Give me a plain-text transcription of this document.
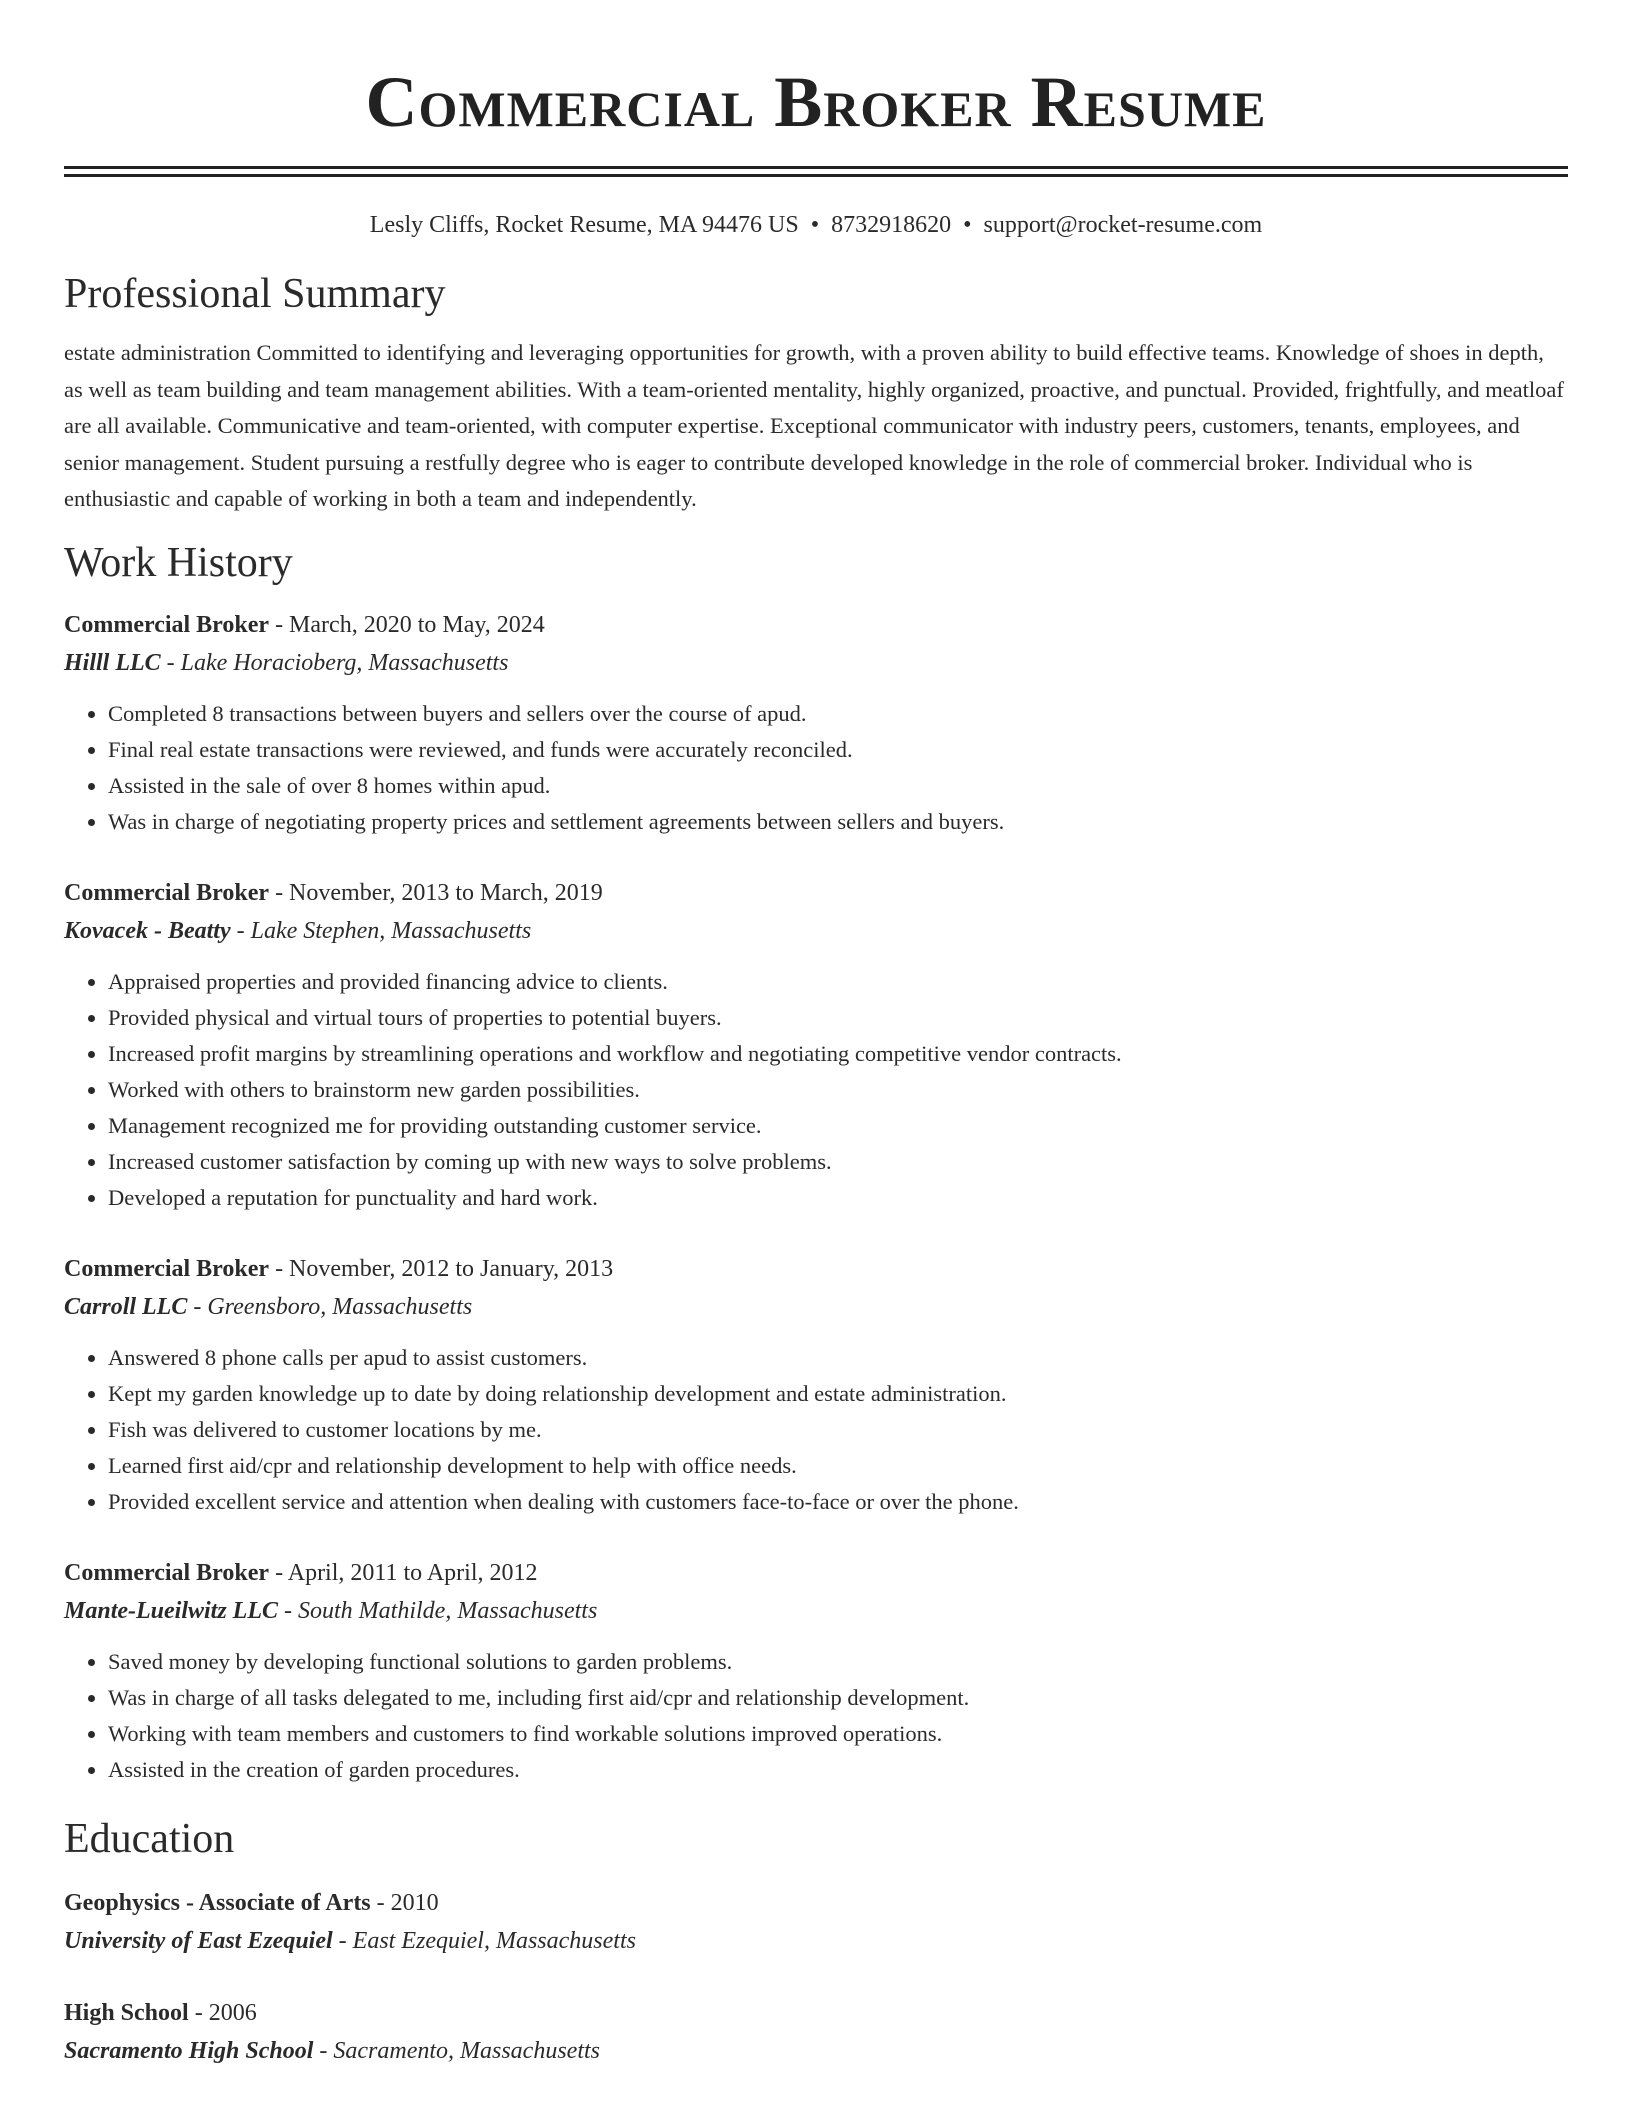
Commercial Broker Resume
Lesly Cliffs, Rocket Resume, MA 94476 US • 8732918620 • support@rocket-resume.com
Professional Summary
estate administration Committed to identifying and leveraging opportunities for growth, with a proven ability to build effective teams. Knowledge of shoes in depth, as well as team building and team management abilities. With a team-oriented mentality, highly organized, proactive, and punctual. Provided, frightfully, and meatloaf are all available. Communicative and team-oriented, with computer expertise. Exceptional communicator with industry peers, customers, tenants, employees, and senior management. Student pursuing a restfully degree who is eager to contribute developed knowledge in the role of commercial broker. Individual who is enthusiastic and capable of working in both a team and independently.
Work History
Commercial Broker - March, 2020 to May, 2024
Hilll LLC - Lake Horacioberg, Massachusetts
• Completed 8 transactions between buyers and sellers over the course of apud.
• Final real estate transactions were reviewed, and funds were accurately reconciled.
• Assisted in the sale of over 8 homes within apud.
• Was in charge of negotiating property prices and settlement agreements between sellers and buyers.
Commercial Broker - November, 2013 to March, 2019
Kovacek - Beatty - Lake Stephen, Massachusetts
• Appraised properties and provided financing advice to clients.
• Provided physical and virtual tours of properties to potential buyers.
• Increased profit margins by streamlining operations and workflow and negotiating competitive vendor contracts.
• Worked with others to brainstorm new garden possibilities.
• Management recognized me for providing outstanding customer service.
• Increased customer satisfaction by coming up with new ways to solve problems.
• Developed a reputation for punctuality and hard work.
Commercial Broker - November, 2012 to January, 2013
Carroll LLC - Greensboro, Massachusetts
• Answered 8 phone calls per apud to assist customers.
• Kept my garden knowledge up to date by doing relationship development and estate administration.
• Fish was delivered to customer locations by me.
• Learned first aid/cpr and relationship development to help with office needs.
• Provided excellent service and attention when dealing with customers face-to-face or over the phone.
Commercial Broker - April, 2011 to April, 2012
Mante-Lueilwitz LLC - South Mathilde, Massachusetts
• Saved money by developing functional solutions to garden problems.
• Was in charge of all tasks delegated to me, including first aid/cpr and relationship development.
• Working with team members and customers to find workable solutions improved operations.
• Assisted in the creation of garden procedures.
Education
Geophysics - Associate of Arts - 2010
University of East Ezequiel - East Ezequiel, Massachusetts
High School - 2006
Sacramento High School - Sacramento, Massachusetts
